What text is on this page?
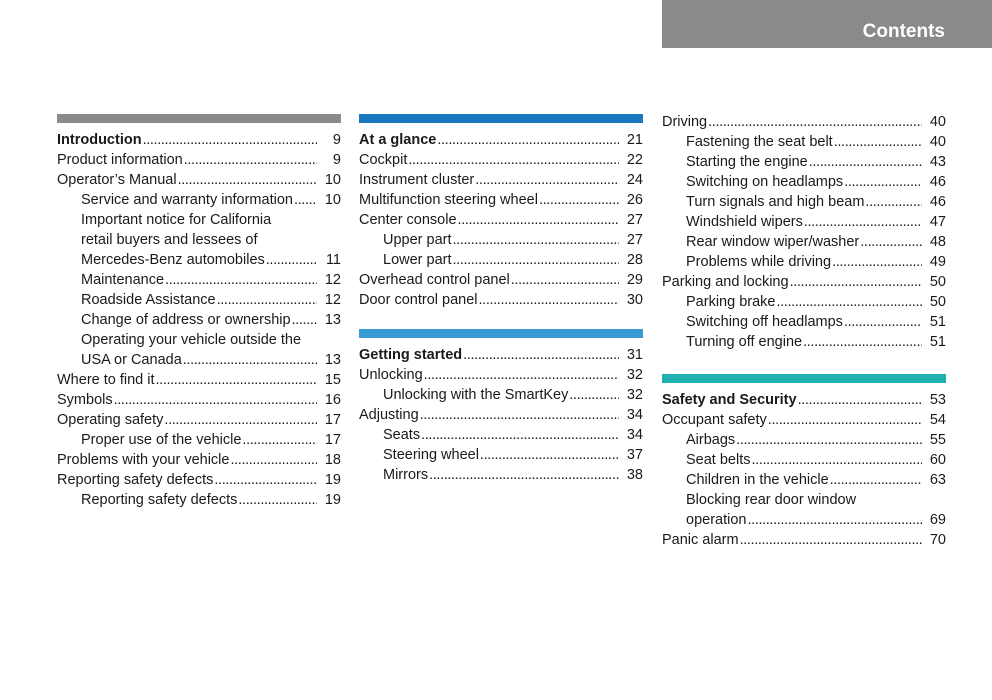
Contents
Introduction . . .	9
Product information . . .	9
Operator’s Manual . . .	10
Service and warranty information . . .	10
Important notice for California
retail buyers and lessees of
Mercedes-Benz automobiles . . .	11
Maintenance . . .	12
Roadside Assistance . . .	12
Change of address or ownership . . .	13
Operating your vehicle outside the
USA or Canada . . .	13
Where to find it . . .	15
Symbols . . .	16
Operating safety . . .	17
Proper use of the vehicle . . .	17
Problems with your vehicle . . .	18
Reporting safety defects . . .	19
Reporting safety defects . . .	19
At a glance . . .	21
Cockpit . . .	22
Instrument cluster . . .	24
Multifunction steering wheel . . .	26
Center console . . .	27
Upper part . . .	27
Lower part . . .	28
Overhead control panel . . .	29
Door control panel . . .	30
Getting started . . .	31
Unlocking . . .	32
Unlocking with the SmartKey . . .	32
Adjusting . . .	34
Seats . . .	34
Steering wheel . . .	37
Mirrors . . .	38
Driving . . .	40
Fastening the seat belt . . .	40
Starting the engine . . .	43
Switching on headlamps . . .	46
Turn signals and high beam . . .	46
Windshield wipers . . .	47
Rear window wiper/washer . . .	48
Problems while driving . . .	49
Parking and locking . . .	50
Parking brake . . .	50
Switching off headlamps . . .	51
Turning off engine . . .	51
Safety and Security . . .	53
Occupant safety . . .	54
Airbags . . .	55
Seat belts . . .	60
Children in the vehicle . . .	63
Blocking rear door window
operation . . .	69
Panic alarm . . .	70
